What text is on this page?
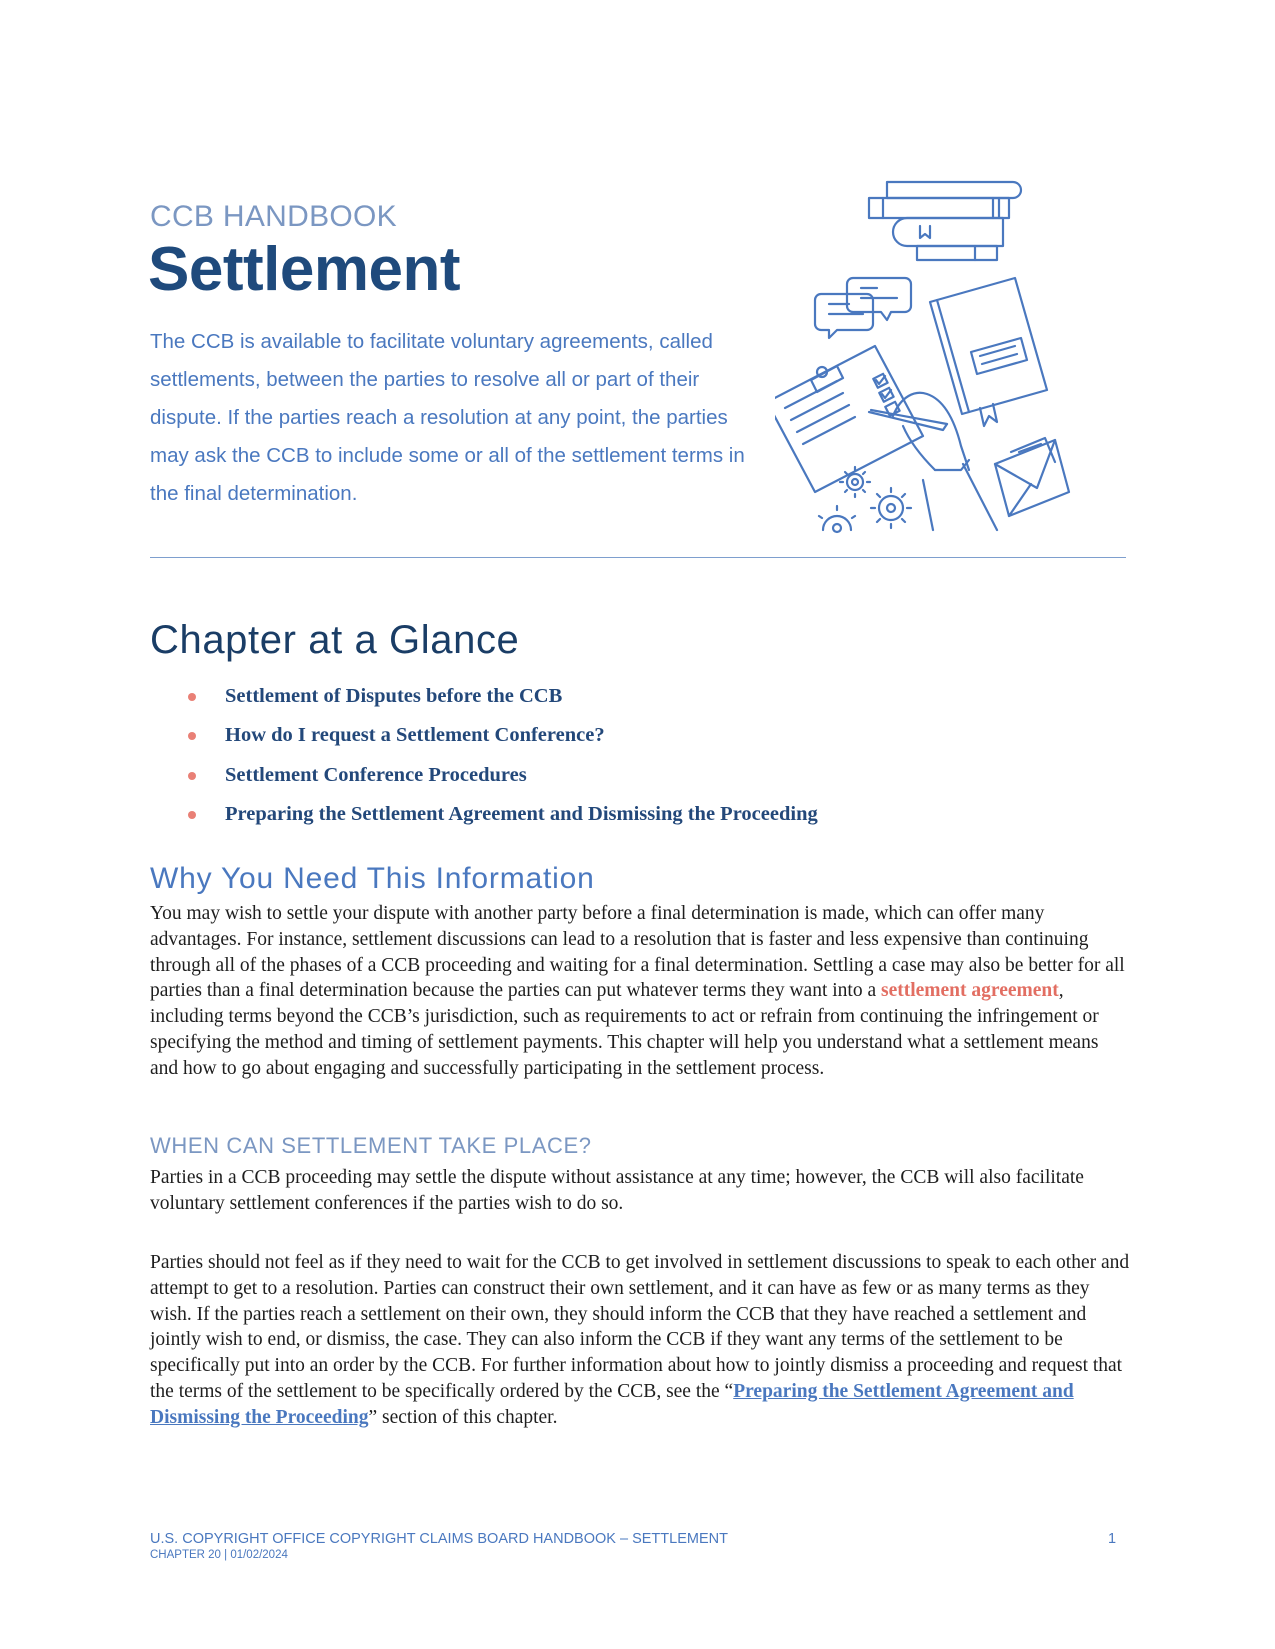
CCB HANDBOOK
Settlement
The CCB is available to facilitate voluntary agreements, called settlements, between the parties to resolve all or part of their dispute. If the parties reach a resolution at any point, the parties may ask the CCB to include some or all of the settlement terms in the final determination.
Chapter at a Glance
Settlement of Disputes before the CCB
How do I request a Settlement Conference?
Settlement Conference Procedures
Preparing the Settlement Agreement and Dismissing the Proceeding
Why You Need This Information
You may wish to settle your dispute with another party before a final determination is made, which can offer many advantages. For instance, settlement discussions can lead to a resolution that is faster and less expensive than continuing through all of the phases of a CCB proceeding and waiting for a final determination. Settling a case may also be better for all parties than a final determination because the parties can put whatever terms they want into a settlement agreement, including terms beyond the CCB’s jurisdiction, such as requirements to act or refrain from continuing the infringement or specifying the method and timing of settlement payments. This chapter will help you understand what a settlement means and how to go about engaging and successfully participating in the settlement process.
WHEN CAN SETTLEMENT TAKE PLACE?
Parties in a CCB proceeding may settle the dispute without assistance at any time; however, the CCB will also facilitate voluntary settlement conferences if the parties wish to do so.
Parties should not feel as if they need to wait for the CCB to get involved in settlement discussions to speak to each other and attempt to get to a resolution. Parties can construct their own settlement, and it can have as few or as many terms as they wish. If the parties reach a settlement on their own, they should inform the CCB that they have reached a settlement and jointly wish to end, or dismiss, the case. They can also inform the CCB if they want any terms of the settlement to be specifically put into an order by the CCB. For further information about how to jointly dismiss a proceeding and request that the terms of the settlement to be specifically ordered by the CCB, see the “Preparing the Settlement Agreement and Dismissing the Proceeding” section of this chapter.
U.S. COPYRIGHT OFFICE COPYRIGHT CLAIMS BOARD HANDBOOK – SETTLEMENT
CHAPTER 20 | 01/02/2024
1
